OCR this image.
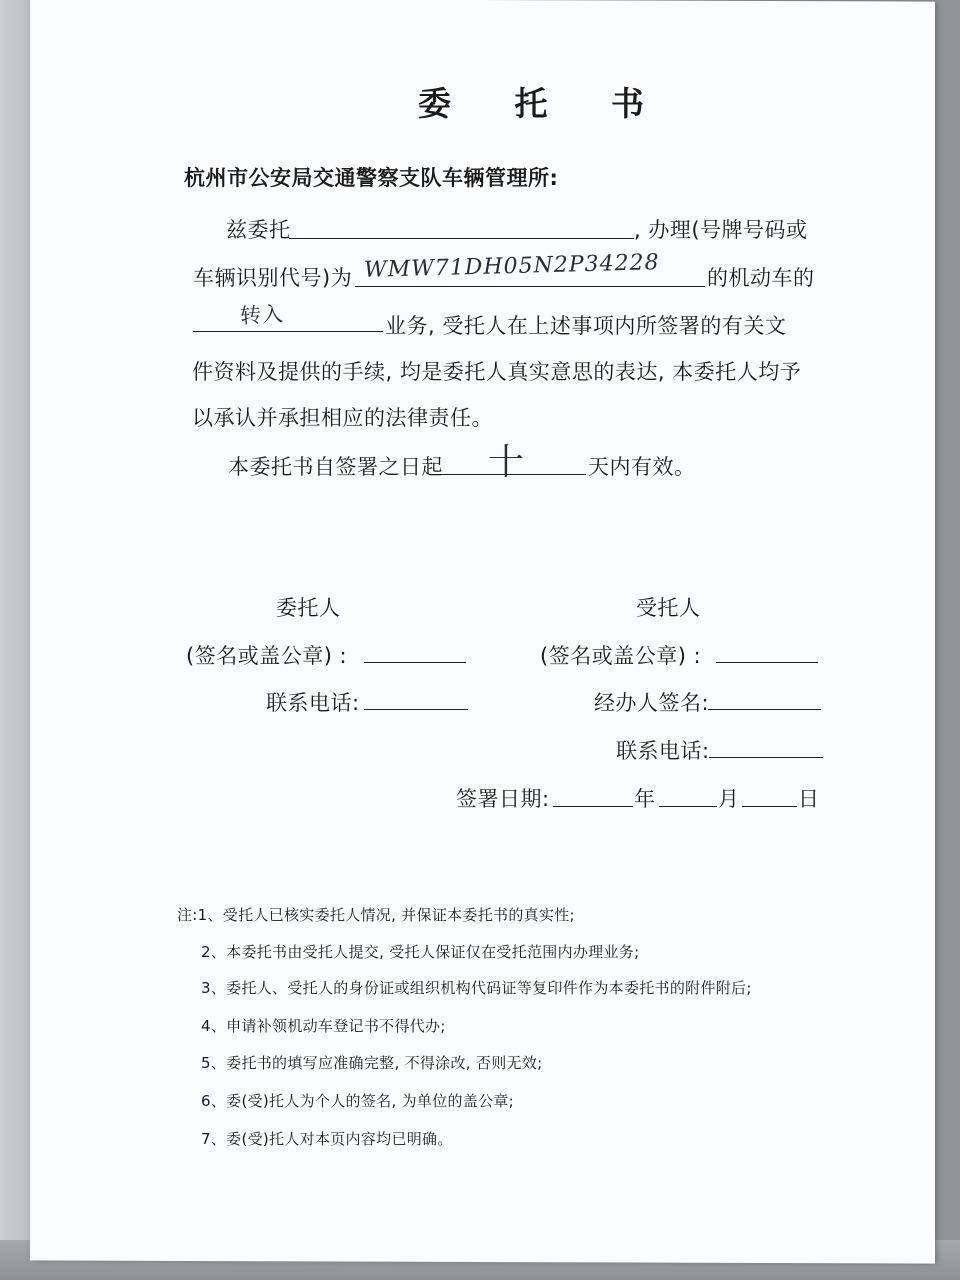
委 托 书
杭州市公安局交通警察支队车辆管理所:
兹委托	, 办理(号牌号码或
车辆识别代号)为 WMW71DH05N2P34228 的机动车的
转入	业务, 受托人在上述事项内所签署的有关文
件资料及提供的手续, 均是委托人真实意思的表达, 本委托人均予
以承认并承担相应的法律责任。
本委托书自签署之日起 十	天内有效。
委托人	受托人
(签名或盖公章) :	(签名或盖公章) :
联系电话:	经办人签名:
联系电话:
签署日期:	年	月	日
注:1、受托人已核实委托人情况, 并保证本委托书的真实性;
2、本委托书由受托人提交, 受托人保证仅在受托范围内办理业务;
3、委托人、受托人的身份证或组织机构代码证等复印件作为本委托书的附件附后;
4、申请补领机动车登记书不得代办;
5、委托书的填写应准确完整, 不得涂改, 否则无效;
6、委(受)托人为个人的签名, 为单位的盖公章;
7、委(受)托人对本页内容均已明确。
